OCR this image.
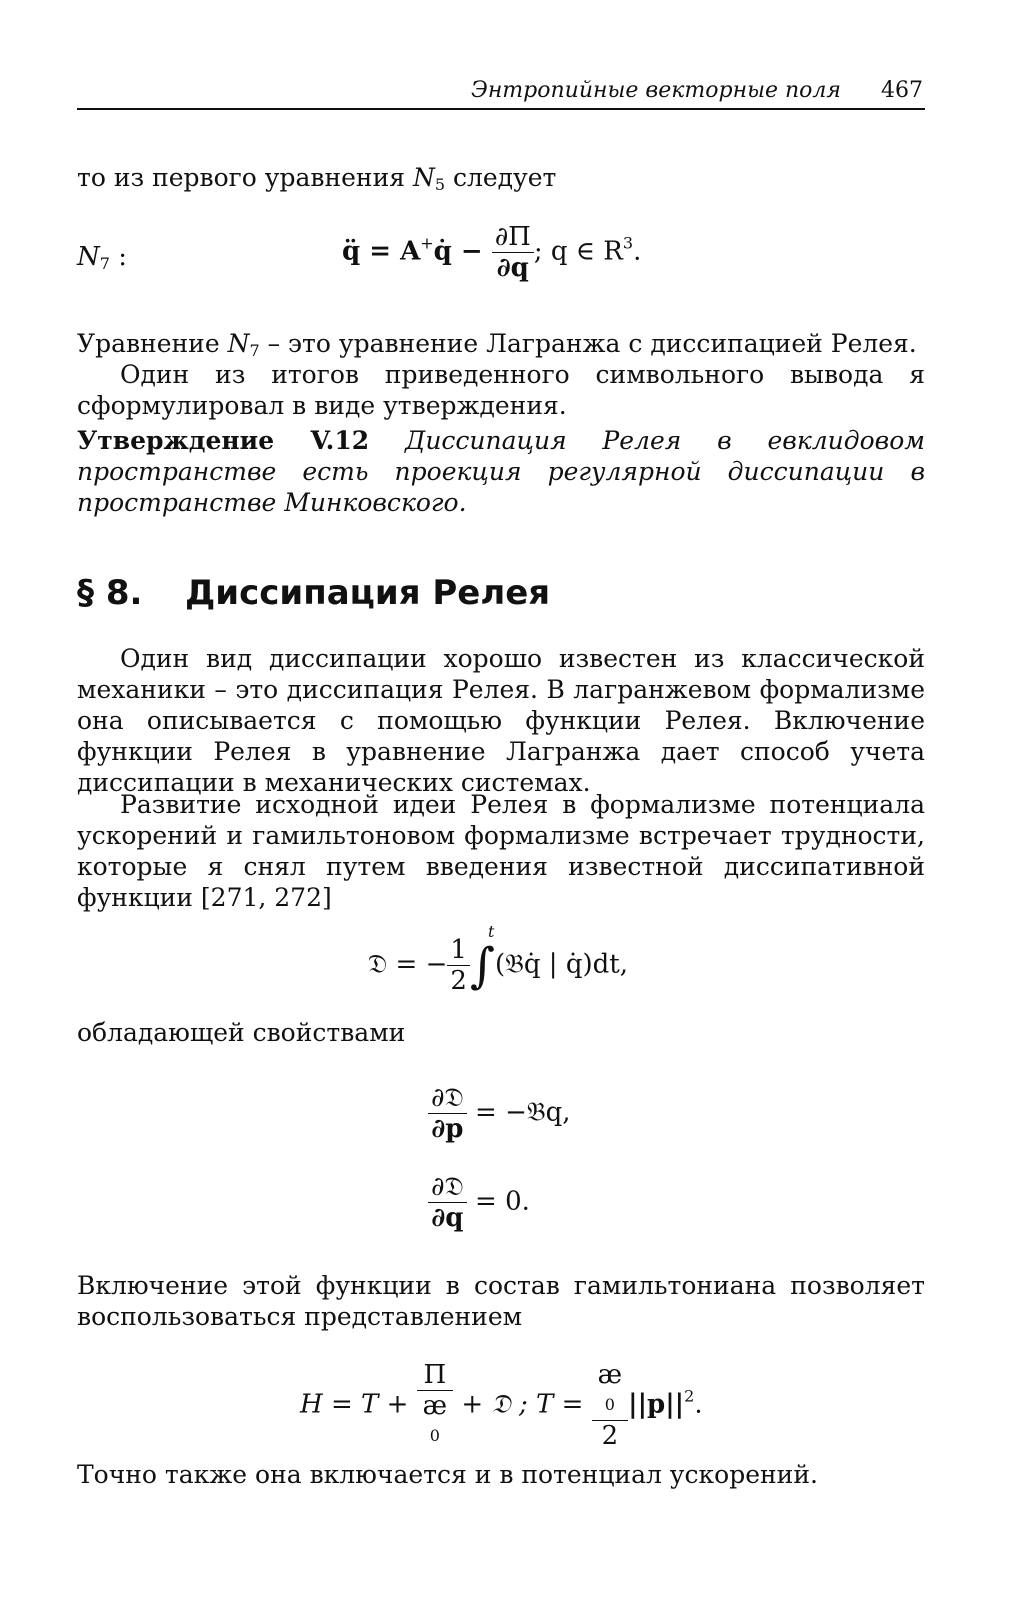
Энтропийные векторные поля 467

то из первого уравнения $N_5$ следует

$N_7$ :	q̈ = A+q̇ − $\frac{\partial\Pi}{\partial q}$ ; q ∈ $R^3$.

Уравнение $N_7$ – это уравнение Лагранжа с диссипацией Релея.

Один из итогов приведенного символьного вывода я сформулировал в виде утверждения.

Утверждение V.12 Диссипация Релея в евклидовом пространстве есть проекция регулярной диссипации в пространстве Минковского.

§ 8. Диссипация Релея

Один вид диссипации хорошо известен из классической механики – это диссипация Релея. В лагранжевом формализме она описывается с помощью функции Релея. Включение функции Релея в уравнение Лагранжа дает способ учета диссипации в механических системах.

Развитие исходной идеи Релея в формализме потенциала ускорений и гамильтоновом формализме встречает трудности, которые я снял путем введения известной диссипативной функции [271, 272]

𝔇 = − $\frac{1}{2}$ ∫
t
(𝔅q̇ | q̇)dt,

обладающей свойствами

$\frac{\text{∂𝔇}}{\partial p}$ = −𝔅q,
$\frac{\text{∂𝔇}}{\partial q} = 0$.

Включение этой функции в состав гамильтониана позволяет воспользоваться представлением

H = T + Π
æ
0 + 𝔇 ; T = æ
0
2 $||p||^2$.

Точно также она включается и в потенциал ускорений.
